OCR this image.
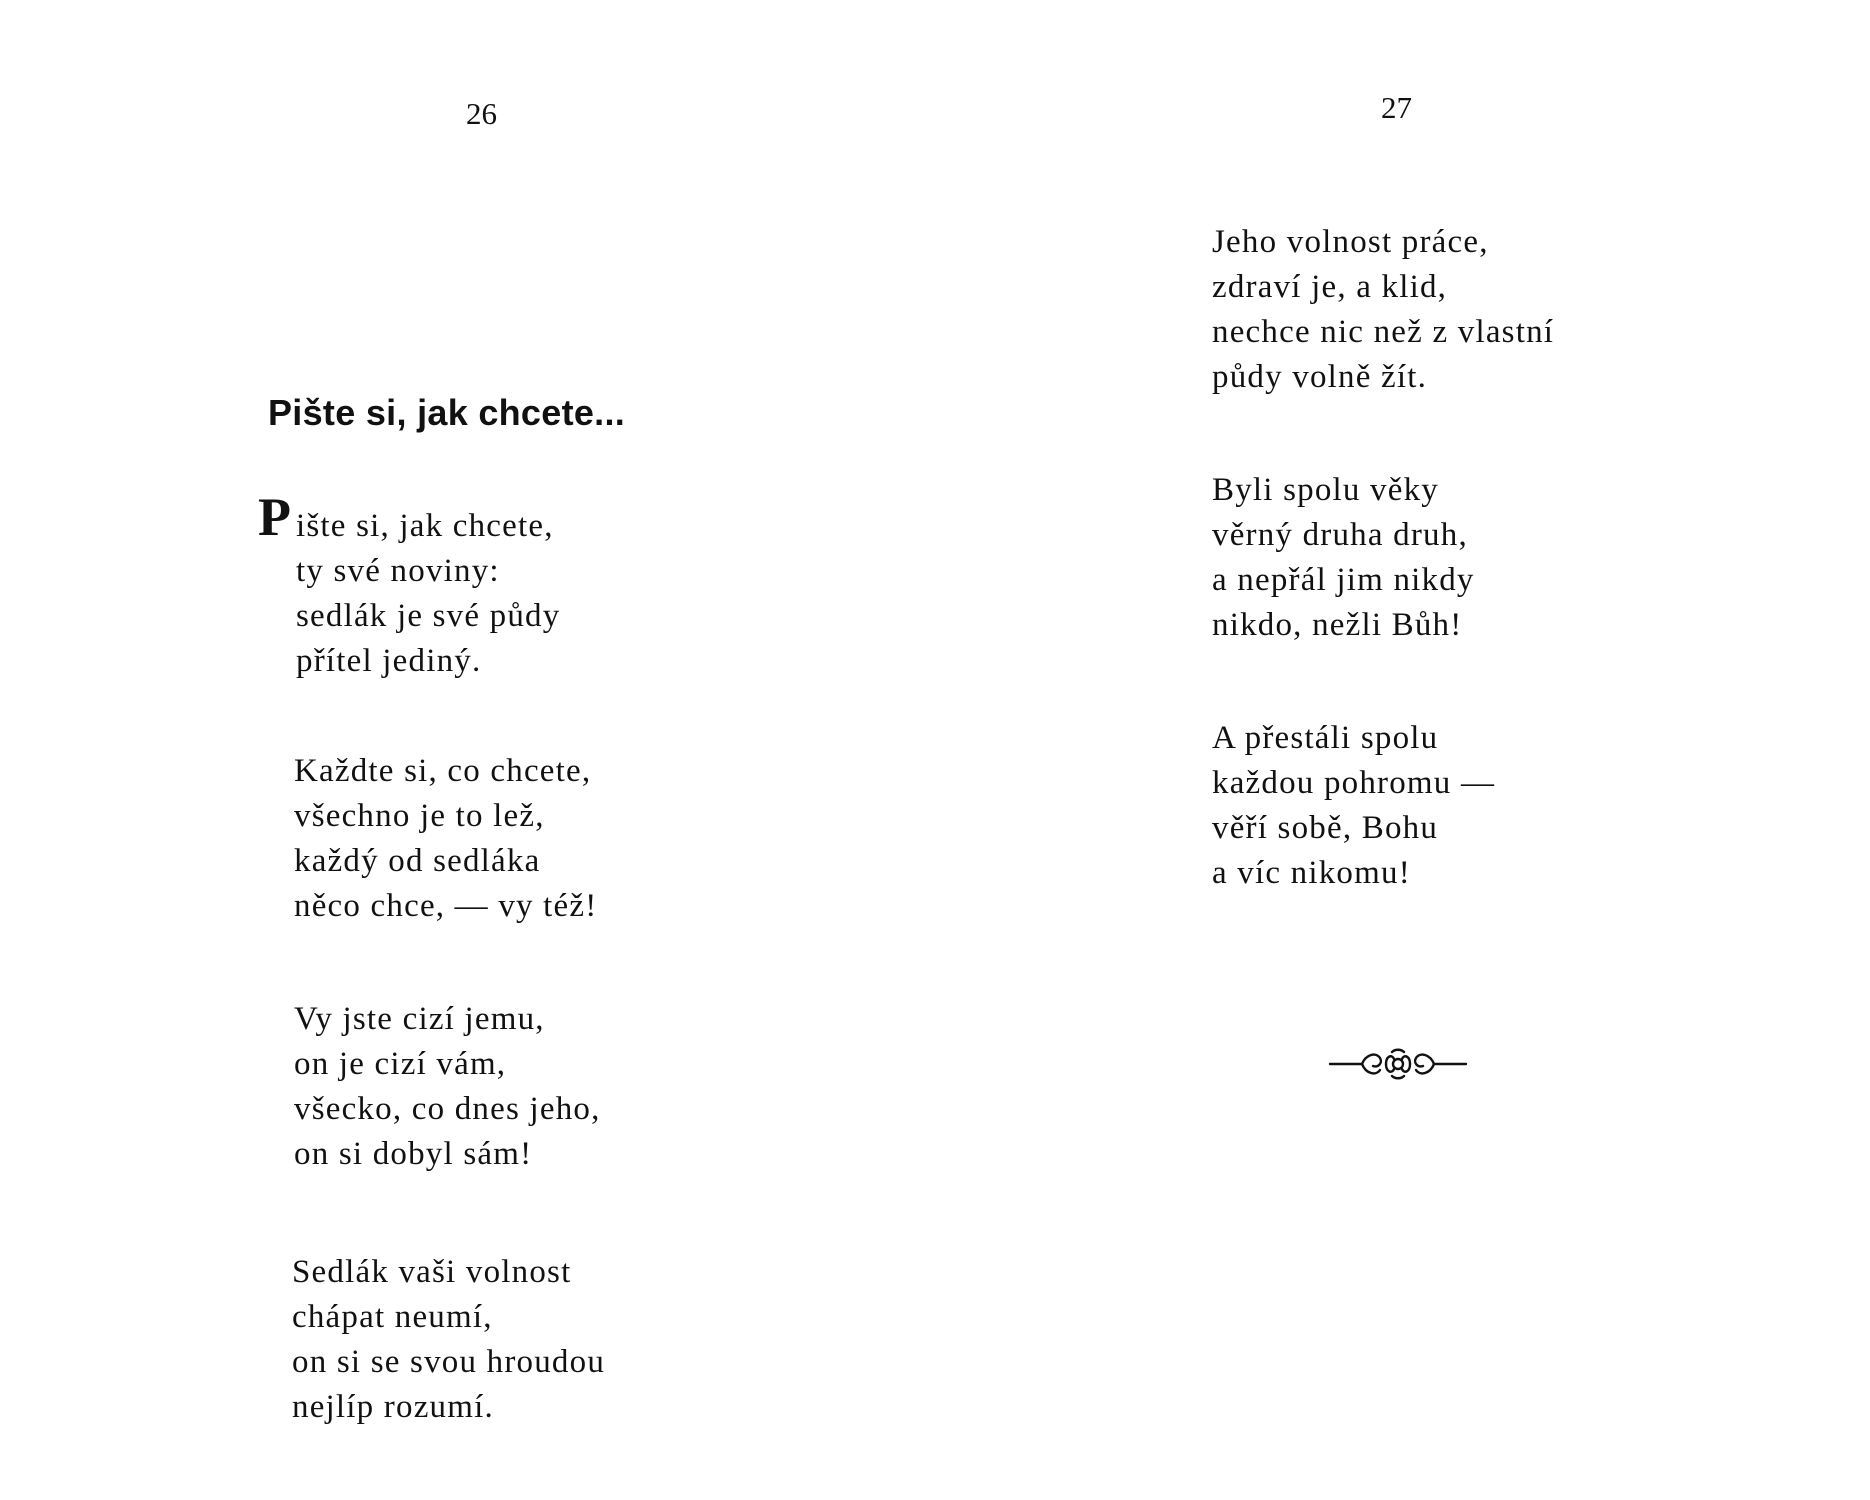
26
Pište si, jak chcete...
P ište si, jak chcete,
ty své noviny:
sedlák je své půdy
přítel jediný.
Každte si, co chcete,
všechno je to lež,
každý od sedláka
něco chce, — vy též!
Vy jste cizí jemu,
on je cizí vám,
všecko, co dnes jeho,
on si dobyl sám!
Sedlák vaši volnost
chápat neumí,
on si se svou hroudou
nejlíp rozumí.
27
Jeho volnost práce,
zdraví je, a klid,
nechce nic než z vlastní
půdy volně žít.
Byli spolu věky
věrný druha druh,
a nepřál jim nikdy
nikdo, nežli Bůh!
A přestáli spolu
každou pohromu —
věří sobě, Bohu
a víc nikomu!
